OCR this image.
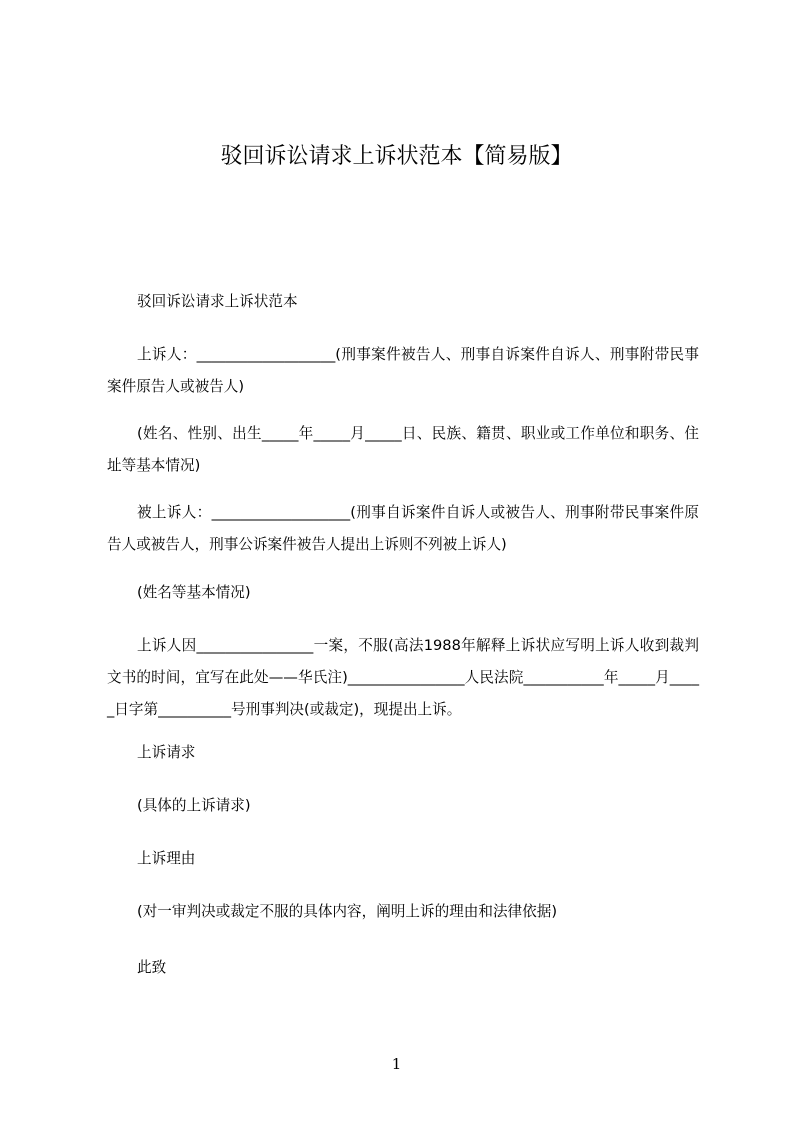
驳回诉讼请求上诉状范本【简易版】
驳回诉讼请求上诉状范本
上诉人：___________________(刑事案件被告人、刑事自诉案件自诉人、刑事附带民事案件原告人或被告人)
(姓名、性别、出生_____年_____月_____日、民族、籍贯、职业或工作单位和职务、住址等基本情况)
被上诉人：___________________(刑事自诉案件自诉人或被告人、刑事附带民事案件原告人或被告人，刑事公诉案件被告人提出上诉则不列被上诉人)
(姓名等基本情况)
上诉人因________________一案，不服(高法1988年解释上诉状应写明上诉人收到裁判文书的时间，宜写在此处——华氏注)________________人民法院___________年_____月_____日字第__________号刑事判决(或裁定)，现提出上诉。
上诉请求
(具体的上诉请求)
上诉理由
(对一审判决或裁定不服的具体内容，阐明上诉的理由和法律依据)
此致
1
